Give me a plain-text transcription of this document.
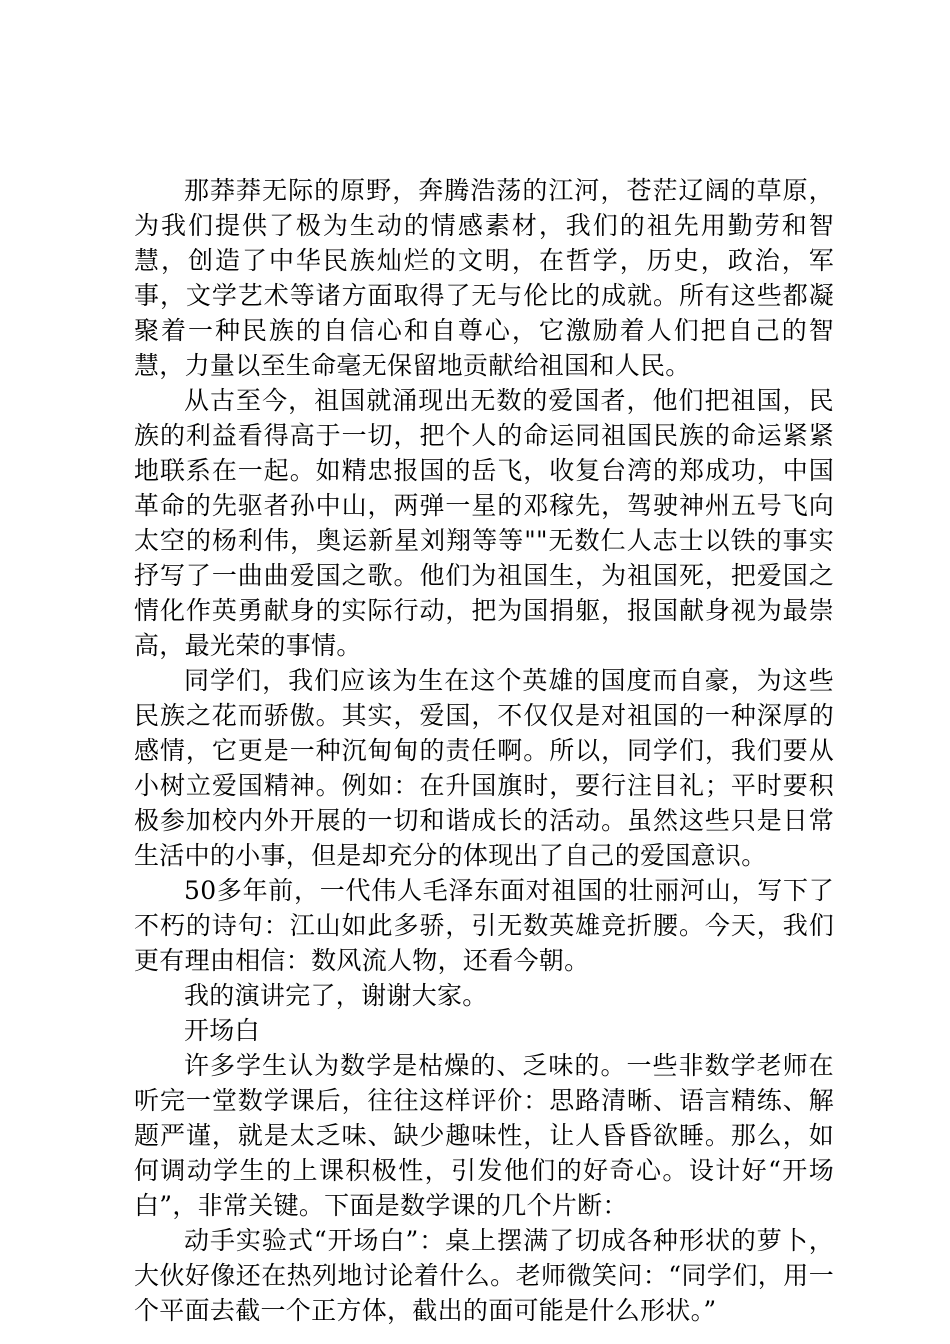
那莽莽无际的原野，奔腾浩荡的江河，苍茫辽阔的草原，为我们提供了极为生动的情感素材，我们的祖先用勤劳和智慧，创造了中华民族灿烂的文明，在哲学，历史，政治，军事，文学艺术等诸方面取得了无与伦比的成就。所有这些都凝聚着一种民族的自信心和自尊心，它激励着人们把自己的智慧，力量以至生命毫无保留地贡献给祖国和人民。

从古至今，祖国就涌现出无数的爱国者，他们把祖国，民族的利益看得高于一切，把个人的命运同祖国民族的命运紧紧地联系在一起。如精忠报国的岳飞，收复台湾的郑成功，中国革命的先驱者孙中山，两弹一星的邓稼先，驾驶神州五号飞向太空的杨利伟，奥运新星刘翔等等""无数仁人志士以铁的事实抒写了一曲曲爱国之歌。他们为祖国生，为祖国死，把爱国之情化作英勇献身的实际行动，把为国捐躯，报国献身视为最崇高，最光荣的事情。

同学们，我们应该为生在这个英雄的国度而自豪，为这些民族之花而骄傲。其实，爱国，不仅仅是对祖国的一种深厚的感情，它更是一种沉甸甸的责任啊。所以，同学们，我们要从小树立爱国精神。例如：在升国旗时，要行注目礼；平时要积极参加校内外开展的一切和谐成长的活动。虽然这些只是日常生活中的小事，但是却充分的体现出了自己的爱国意识。

50多年前，一代伟人毛泽东面对祖国的壮丽河山，写下了不朽的诗句：江山如此多骄，引无数英雄竞折腰。今天，我们更有理由相信：数风流人物，还看今朝。

我的演讲完了，谢谢大家。

开场白

许多学生认为数学是枯燥的、乏味的。一些非数学老师在听完一堂数学课后，往往这样评价：思路清晰、语言精练、解题严谨，就是太乏味、缺少趣味性，让人昏昏欲睡。那么，如何调动学生的上课积极性，引发他们的好奇心。设计好“开场白”，非常关键。下面是数学课的几个片断：

动手实验式“开场白”：桌上摆满了切成各种形状的萝卜，大伙好像还在热列地讨论着什么。老师微笑问：“同学们，用一个平面去截一个正方体，截出的面可能是什么形状。”
